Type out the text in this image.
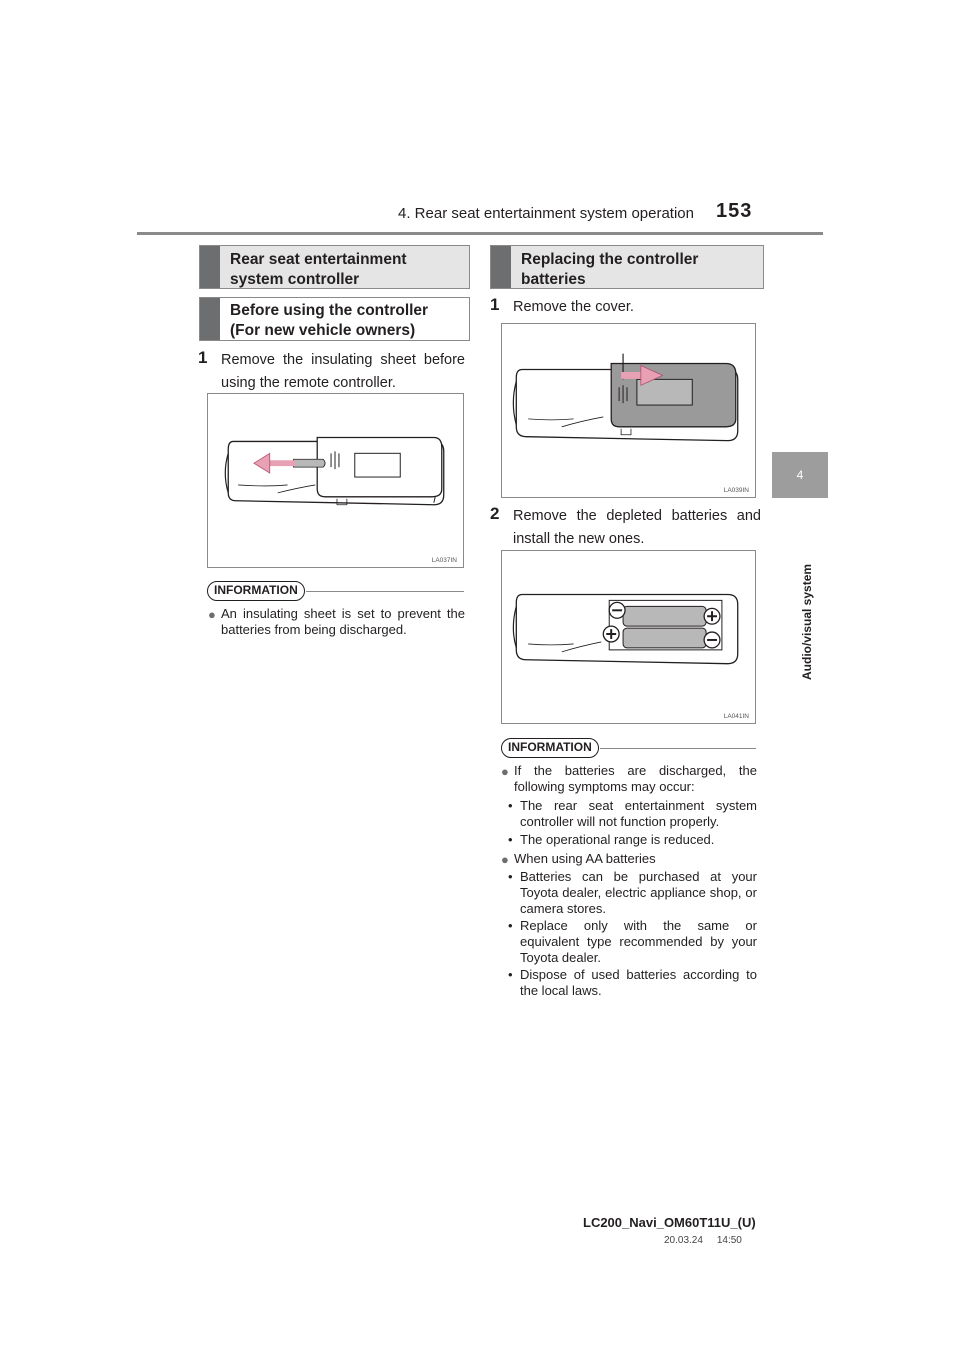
4. Rear seat entertainment system operation 153
4
Audio/visual system
Rear seat entertainment system controller
Before using the controller (For new vehicle owners)
1 Remove the insulating sheet before using the remote controller.
LA037IN
INFORMATION
● An insulating sheet is set to prevent the batteries from being discharged.
Replacing the controller batteries
1 Remove the cover.
LA039IN
2 Remove the depleted batteries and install the new ones.
LA041IN
INFORMATION
● If the batteries are discharged, the following symptoms may occur:
• The rear seat entertainment system controller will not function properly.
• The operational range is reduced.
● When using AA batteries
• Batteries can be purchased at your Toyota dealer, electric appliance shop, or camera stores.
• Replace only with the same or equivalent type recommended by your Toyota dealer.
• Dispose of used batteries according to the local laws.
LC200_Navi_OM60T11U_(U)
20.03.24     14:50
